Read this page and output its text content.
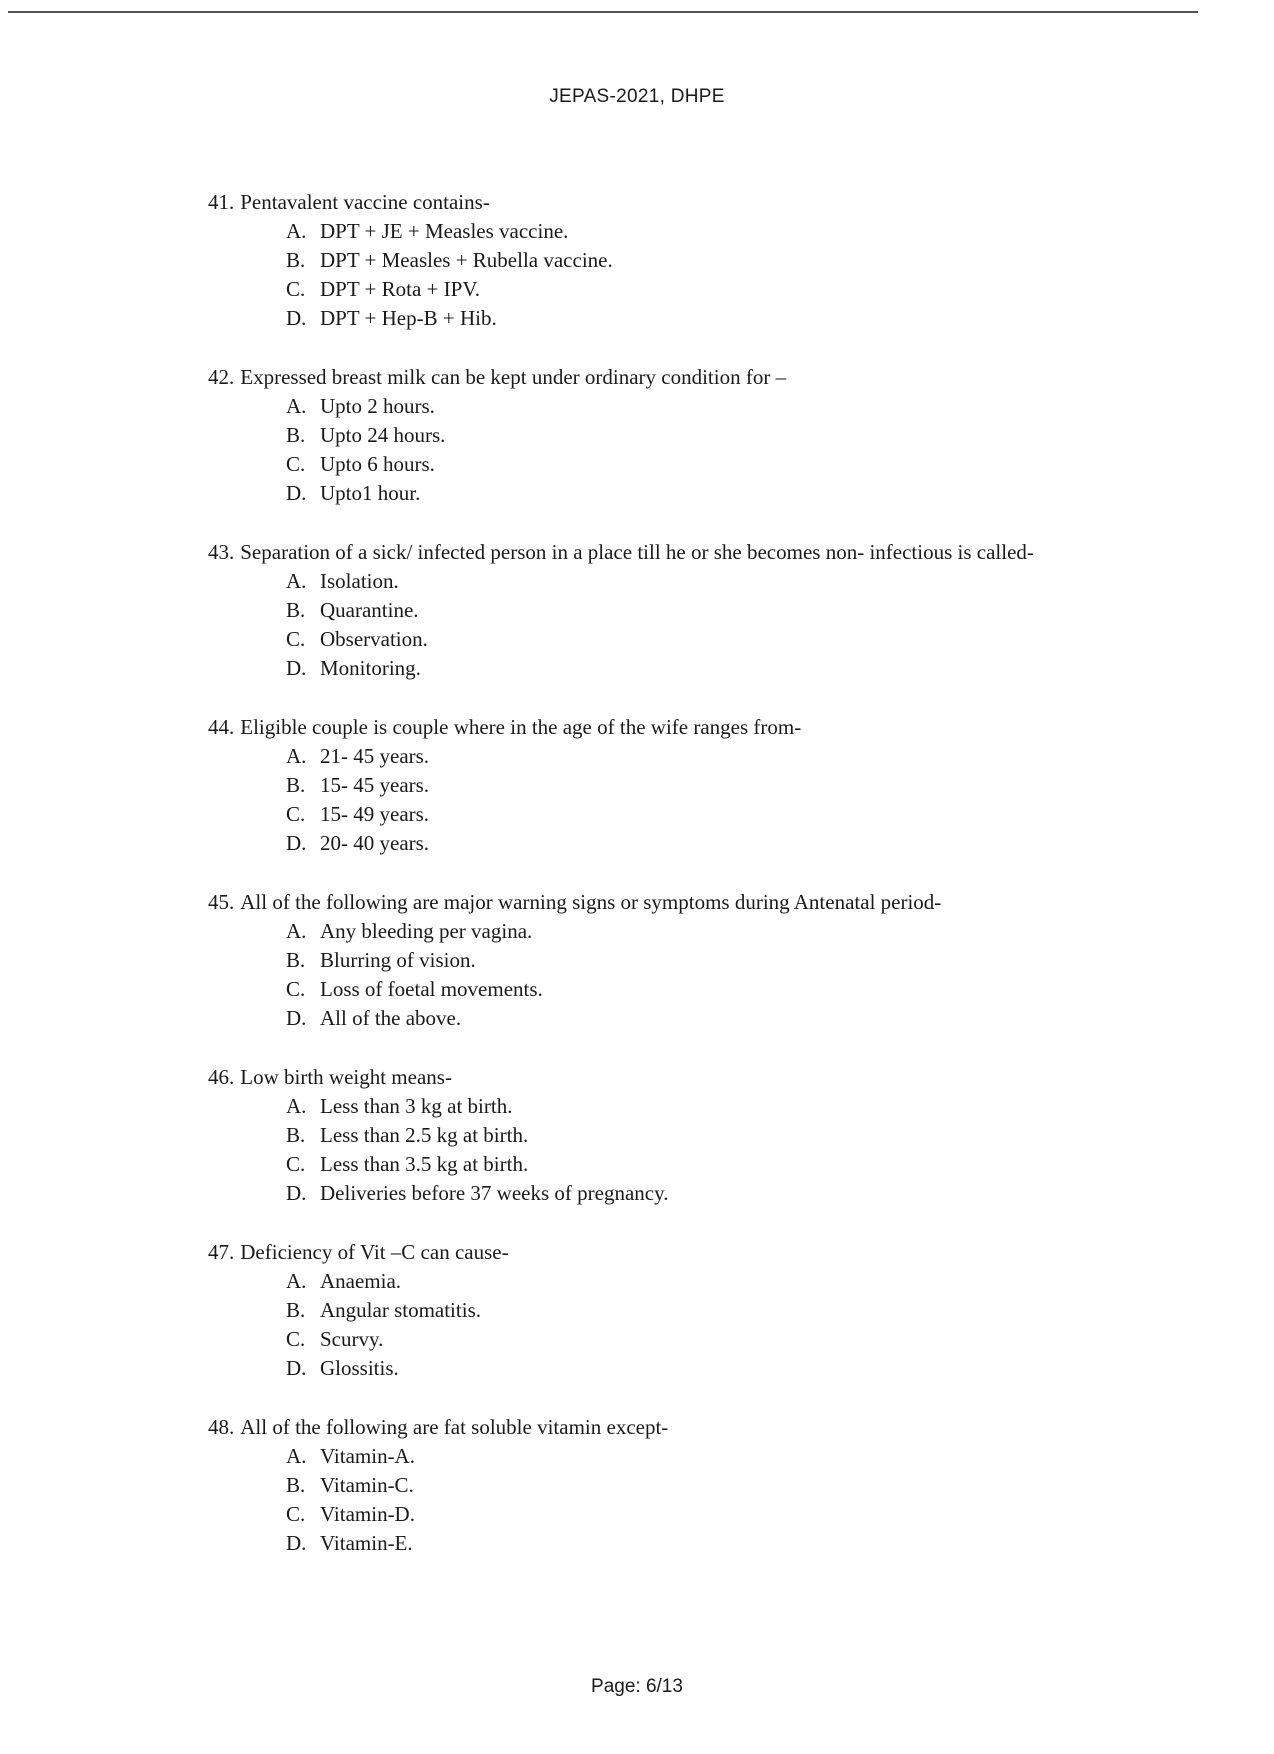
JEPAS-2021, DHPE
41. Pentavalent vaccine contains-
A. DPT + JE + Measles vaccine.
B. DPT + Measles + Rubella vaccine.
C. DPT + Rota + IPV.
D. DPT + Hep-B + Hib.
42. Expressed breast milk can be kept under ordinary condition for –
A. Upto 2 hours.
B. Upto 24 hours.
C. Upto 6 hours.
D. Upto1 hour.
43. Separation of a sick/ infected person in a place till he or she becomes non- infectious is called-
A. Isolation.
B. Quarantine.
C. Observation.
D. Monitoring.
44. Eligible couple is couple where in the age of the wife ranges from-
A. 21- 45 years.
B. 15- 45 years.
C. 15- 49 years.
D. 20- 40 years.
45. All of the following are major warning signs or symptoms during Antenatal period-
A. Any bleeding per vagina.
B. Blurring of vision.
C. Loss of foetal movements.
D. All of the above.
46. Low birth weight means-
A. Less than 3 kg at birth.
B. Less than 2.5 kg at birth.
C. Less than 3.5 kg at birth.
D. Deliveries before 37 weeks of pregnancy.
47. Deficiency of Vit –C can cause-
A. Anaemia.
B. Angular stomatitis.
C. Scurvy.
D. Glossitis.
48. All of the following are fat soluble vitamin except-
A. Vitamin-A.
B. Vitamin-C.
C. Vitamin-D.
D. Vitamin-E.
Page: 6/13
